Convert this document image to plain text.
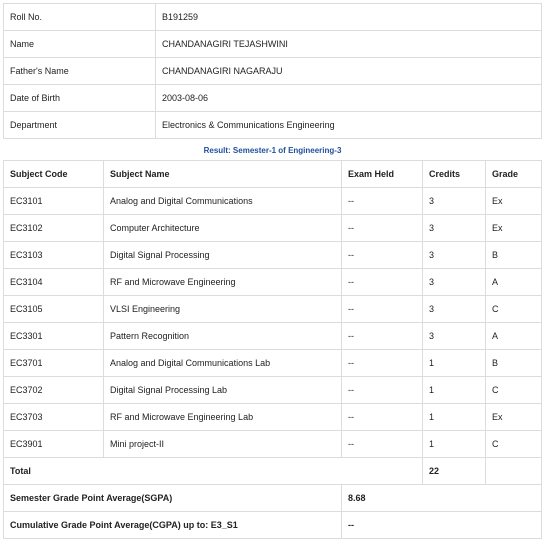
Roll No.	B191259
Name	CHANDANAGIRI TEJASHWINI
Father's Name	CHANDANAGIRI NAGARAJU
Date of Birth	2003-08-06
Department	Electronics & Communications Engineering
Result: Semester-1 of Engineering-3
Subject Code	Subject Name	Exam Held	Credits	Grade
EC3101	Analog and Digital Communications	--	3	Ex
EC3102	Computer Architecture	--	3	Ex
EC3103	Digital Signal Processing	--	3	B
EC3104	RF and Microwave Engineering	--	3	A
EC3105	VLSI Engineering	--	3	C
EC3301	Pattern Recognition	--	3	A
EC3701	Analog and Digital Communications Lab	--	1	B
EC3702	Digital Signal Processing Lab	--	1	C
EC3703	RF and Microwave Engineering Lab	--	1	Ex
EC3901	Mini project-II	--	1	C
Total			22	
Semester Grade Point Average(SGPA)		8.68		
Cumulative Grade Point Average(CGPA) up to: E3_S1		--		
